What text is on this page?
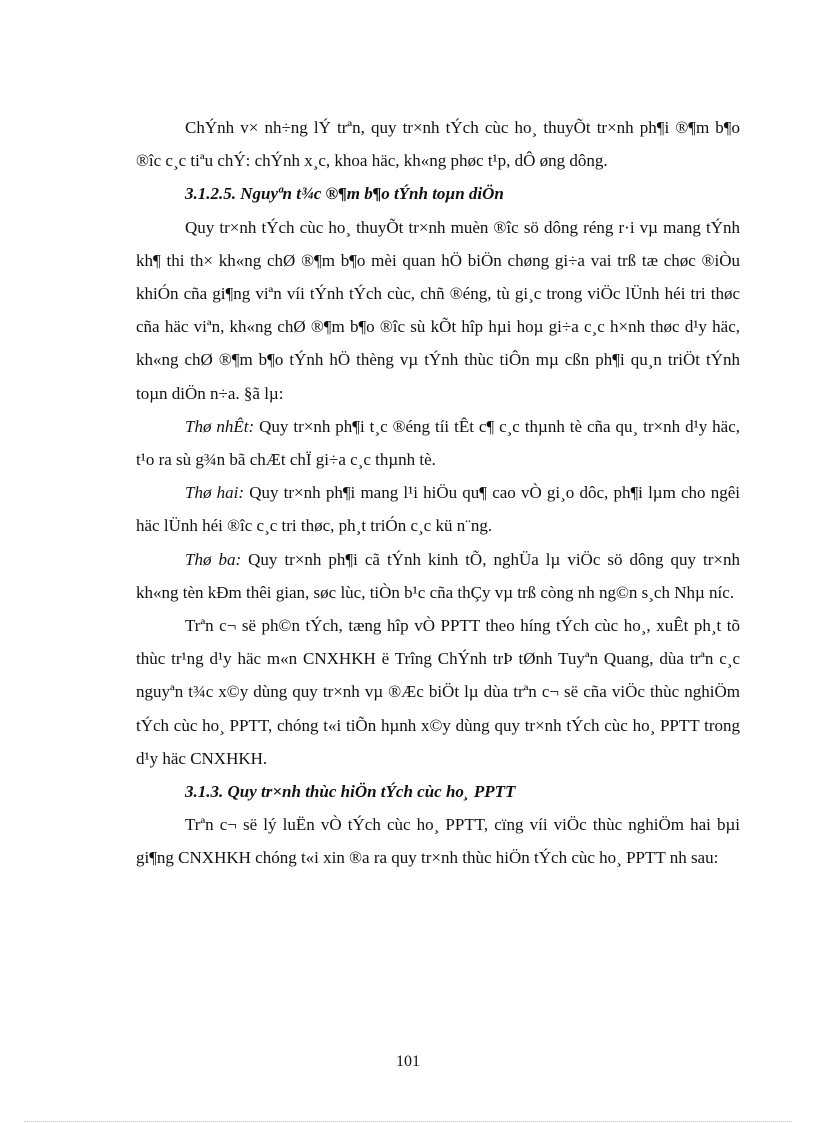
ChÝnh v× nh÷ng lÝ trªn, quy tr×nh tÝch cùc ho¸ thuyÕt tr×nh ph¶i ®¶m b¶o ®îc c¸c tiªu chÝ: chÝnh x¸c, khoa häc, kh«ng phøc t¹p, dÔ øng dông.

3.1.2.5. Nguyªn t¾c ®¶m b¶o tÝnh toµn diÖn

Quy tr×nh tÝch cùc ho¸ thuyÕt tr×nh muèn ®îc sö dông réng r·i vµ mang tÝnh kh¶ thi th× kh«ng chØ ®¶m b¶o mèi quan hÖ biÖn chøng gi÷a vai trß tæ chøc ®iÒu khiÓn cña gi¶ng viªn víi tÝnh tÝch cùc, chñ ®éng, tù gi¸c trong viÖc lÜnh héi tri thøc cña häc viªn, kh«ng chØ ®¶m b¶o ®îc sù kÕt hîp hµi hoµ gi÷a c¸c h×nh thøc d¹y häc, kh«ng chØ ®¶m b¶o tÝnh hÖ thèng vµ tÝnh thùc tiÔn mµ cßn ph¶i qu¸n triÖt tÝnh toµn diÖn n÷a. §ã lµ:

Thø nhÊt: Quy tr×nh ph¶i t¸c ®éng tíi tÊt c¶ c¸c thµnh tè cña qu¸ tr×nh d¹y häc, t¹o ra sù g¾n bã chÆt chÏ gi÷a c¸c thµnh tè.

Thø hai: Quy tr×nh ph¶i mang l¹i hiÖu qu¶ cao vÒ gi¸o dôc, ph¶i lµm cho ngêi häc lÜnh héi ®îc c¸c tri thøc, ph¸t triÓn c¸c kü n¨ng.

Thø ba: Quy tr×nh ph¶i cã tÝnh kinh tÕ, nghÜa lµ viÖc sö dông quy tr×nh kh«ng tèn kÐm thêi gian, søc lùc, tiÒn b¹c cña thÇy vµ trß còng nh ng©n s¸ch Nhµ níc.

Trªn c¬ së ph©n tÝch, tæng hîp vÒ PPTT theo híng tÝch cùc ho¸, xuÊt ph¸t tõ thùc tr¹ng d¹y häc m«n CNXHKH ë Trîng ChÝnh trÞ tØnh Tuyªn Quang, dùa trªn c¸c nguyªn t¾c x©y dùng quy tr×nh vµ ®Æc biÖt lµ dùa trªn c¬ së cña viÖc thùc nghiÖm tÝch cùc ho¸ PPTT, chóng t«i tiÕn hµnh x©y dùng quy tr×nh tÝch cùc ho¸ PPTT trong d¹y häc CNXHKH.

3.1.3. Quy tr×nh thùc hiÖn tÝch cùc ho¸ PPTT

Trªn c¬ së lý luËn vÒ tÝch cùc ho¸ PPTT, cïng víi viÖc thùc nghiÖm hai bµi gi¶ng CNXHKH chóng t«i xin ®a ra quy tr×nh thùc hiÖn tÝch cùc ho¸ PPTT nh sau:

101
